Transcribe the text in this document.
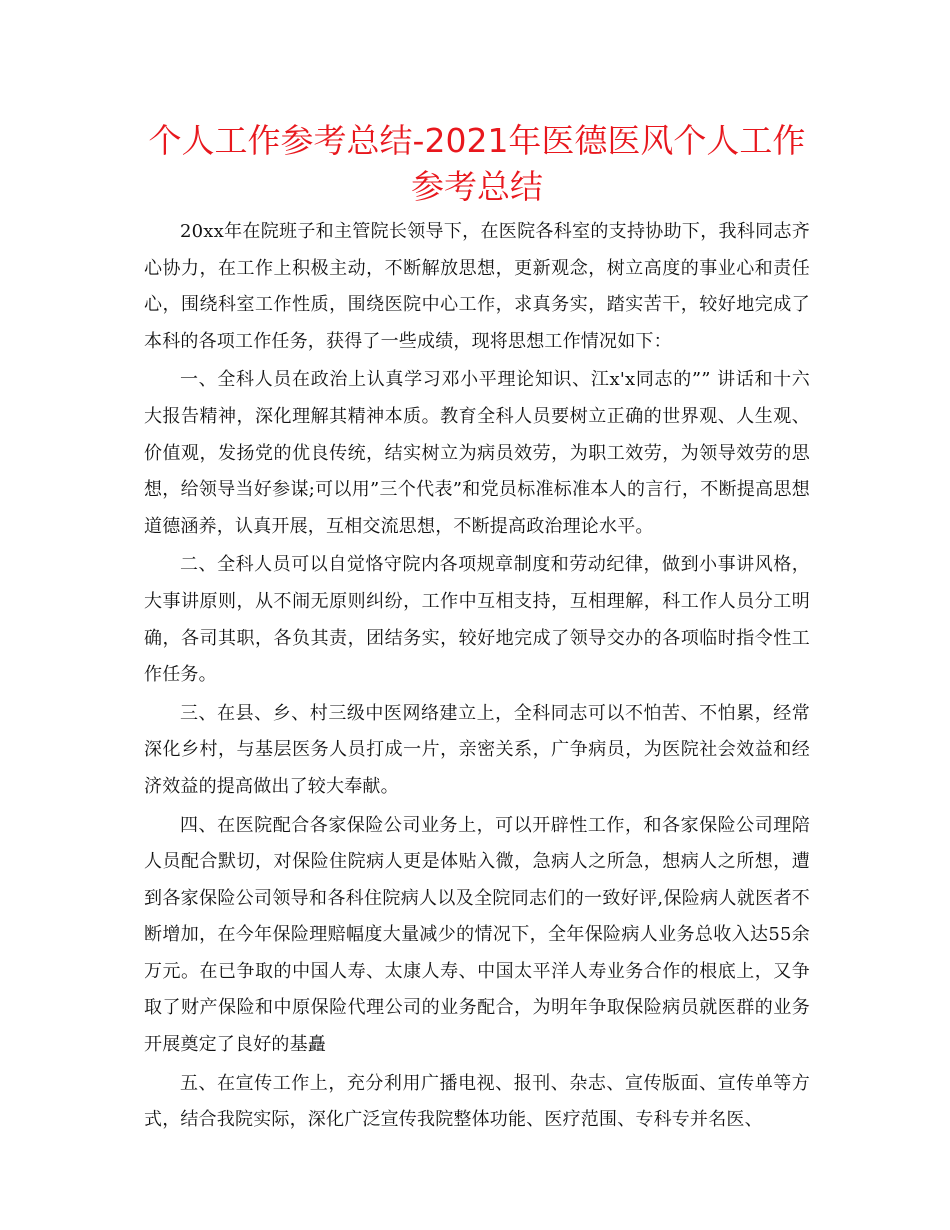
个人工作参考总结-2021年医德医风个人工作参考总结

20xx年在院班子和主管院长领导下，在医院各科室的支持协助下，我科同志齐心协力，在工作上积极主动，不断解放思想，更新观念，树立高度的事业心和责任心，围绕科室工作性质，围绕医院中心工作，求真务实，踏实苦干，较好地完成了本科的各项工作任务，获得了一些成绩，现将思想工作情况如下：

一、全科人员在政治上认真学习邓小平理论知识、江x'x同志的”” 讲话和十六大报告精神，深化理解其精神本质。教育全科人员要树立正确的世界观、人生观、价值观，发扬党的优良传统，结实树立为病员效劳，为职工效劳，为领导效劳的思想，给领导当好参谋;可以用”三个代表”和党员标准标准本人的言行，不断提高思想道德涵养，认真开展，互相交流思想，不断提高政治理论水平。

二、全科人员可以自觉恪守院内各项规章制度和劳动纪律，做到小事讲风格，大事讲原则，从不闹无原则纠纷，工作中互相支持，互相理解，科工作人员分工明确，各司其职，各负其责，团结务实，较好地完成了领导交办的各项临时指令性工作任务。

三、在县、乡、村三级中医网络建立上，全科同志可以不怕苦、不怕累，经常深化乡村，与基层医务人员打成一片，亲密关系，广争病员，为医院社会效益和经济效益的提高做出了较大奉献。

四、在医院配合各家保险公司业务上，可以开辟性工作，和各家保险公司理陪人员配合默切，对保险住院病人更是体贴入微，急病人之所急，想病人之所想，遭到各家保险公司领导和各科住院病人以及全院同志们的一致好评,保险病人就医者不断增加，在今年保险理赔幅度大量减少的情况下，全年保险病人业务总收入达55余万元。在已争取的中国人寿、太康人寿、中国太平洋人寿业务合作的根底上，又争取了财产保险和中原保险代理公司的业务配合，为明年争取保险病员就医群的业务开展奠定了良好的基矗

五、在宣传工作上，充分利用广播电视、报刊、杂志、宣传版面、宣传单等方式，结合我院实际，深化广泛宣传我院整体功能、医疗范围、专科专并名医、
